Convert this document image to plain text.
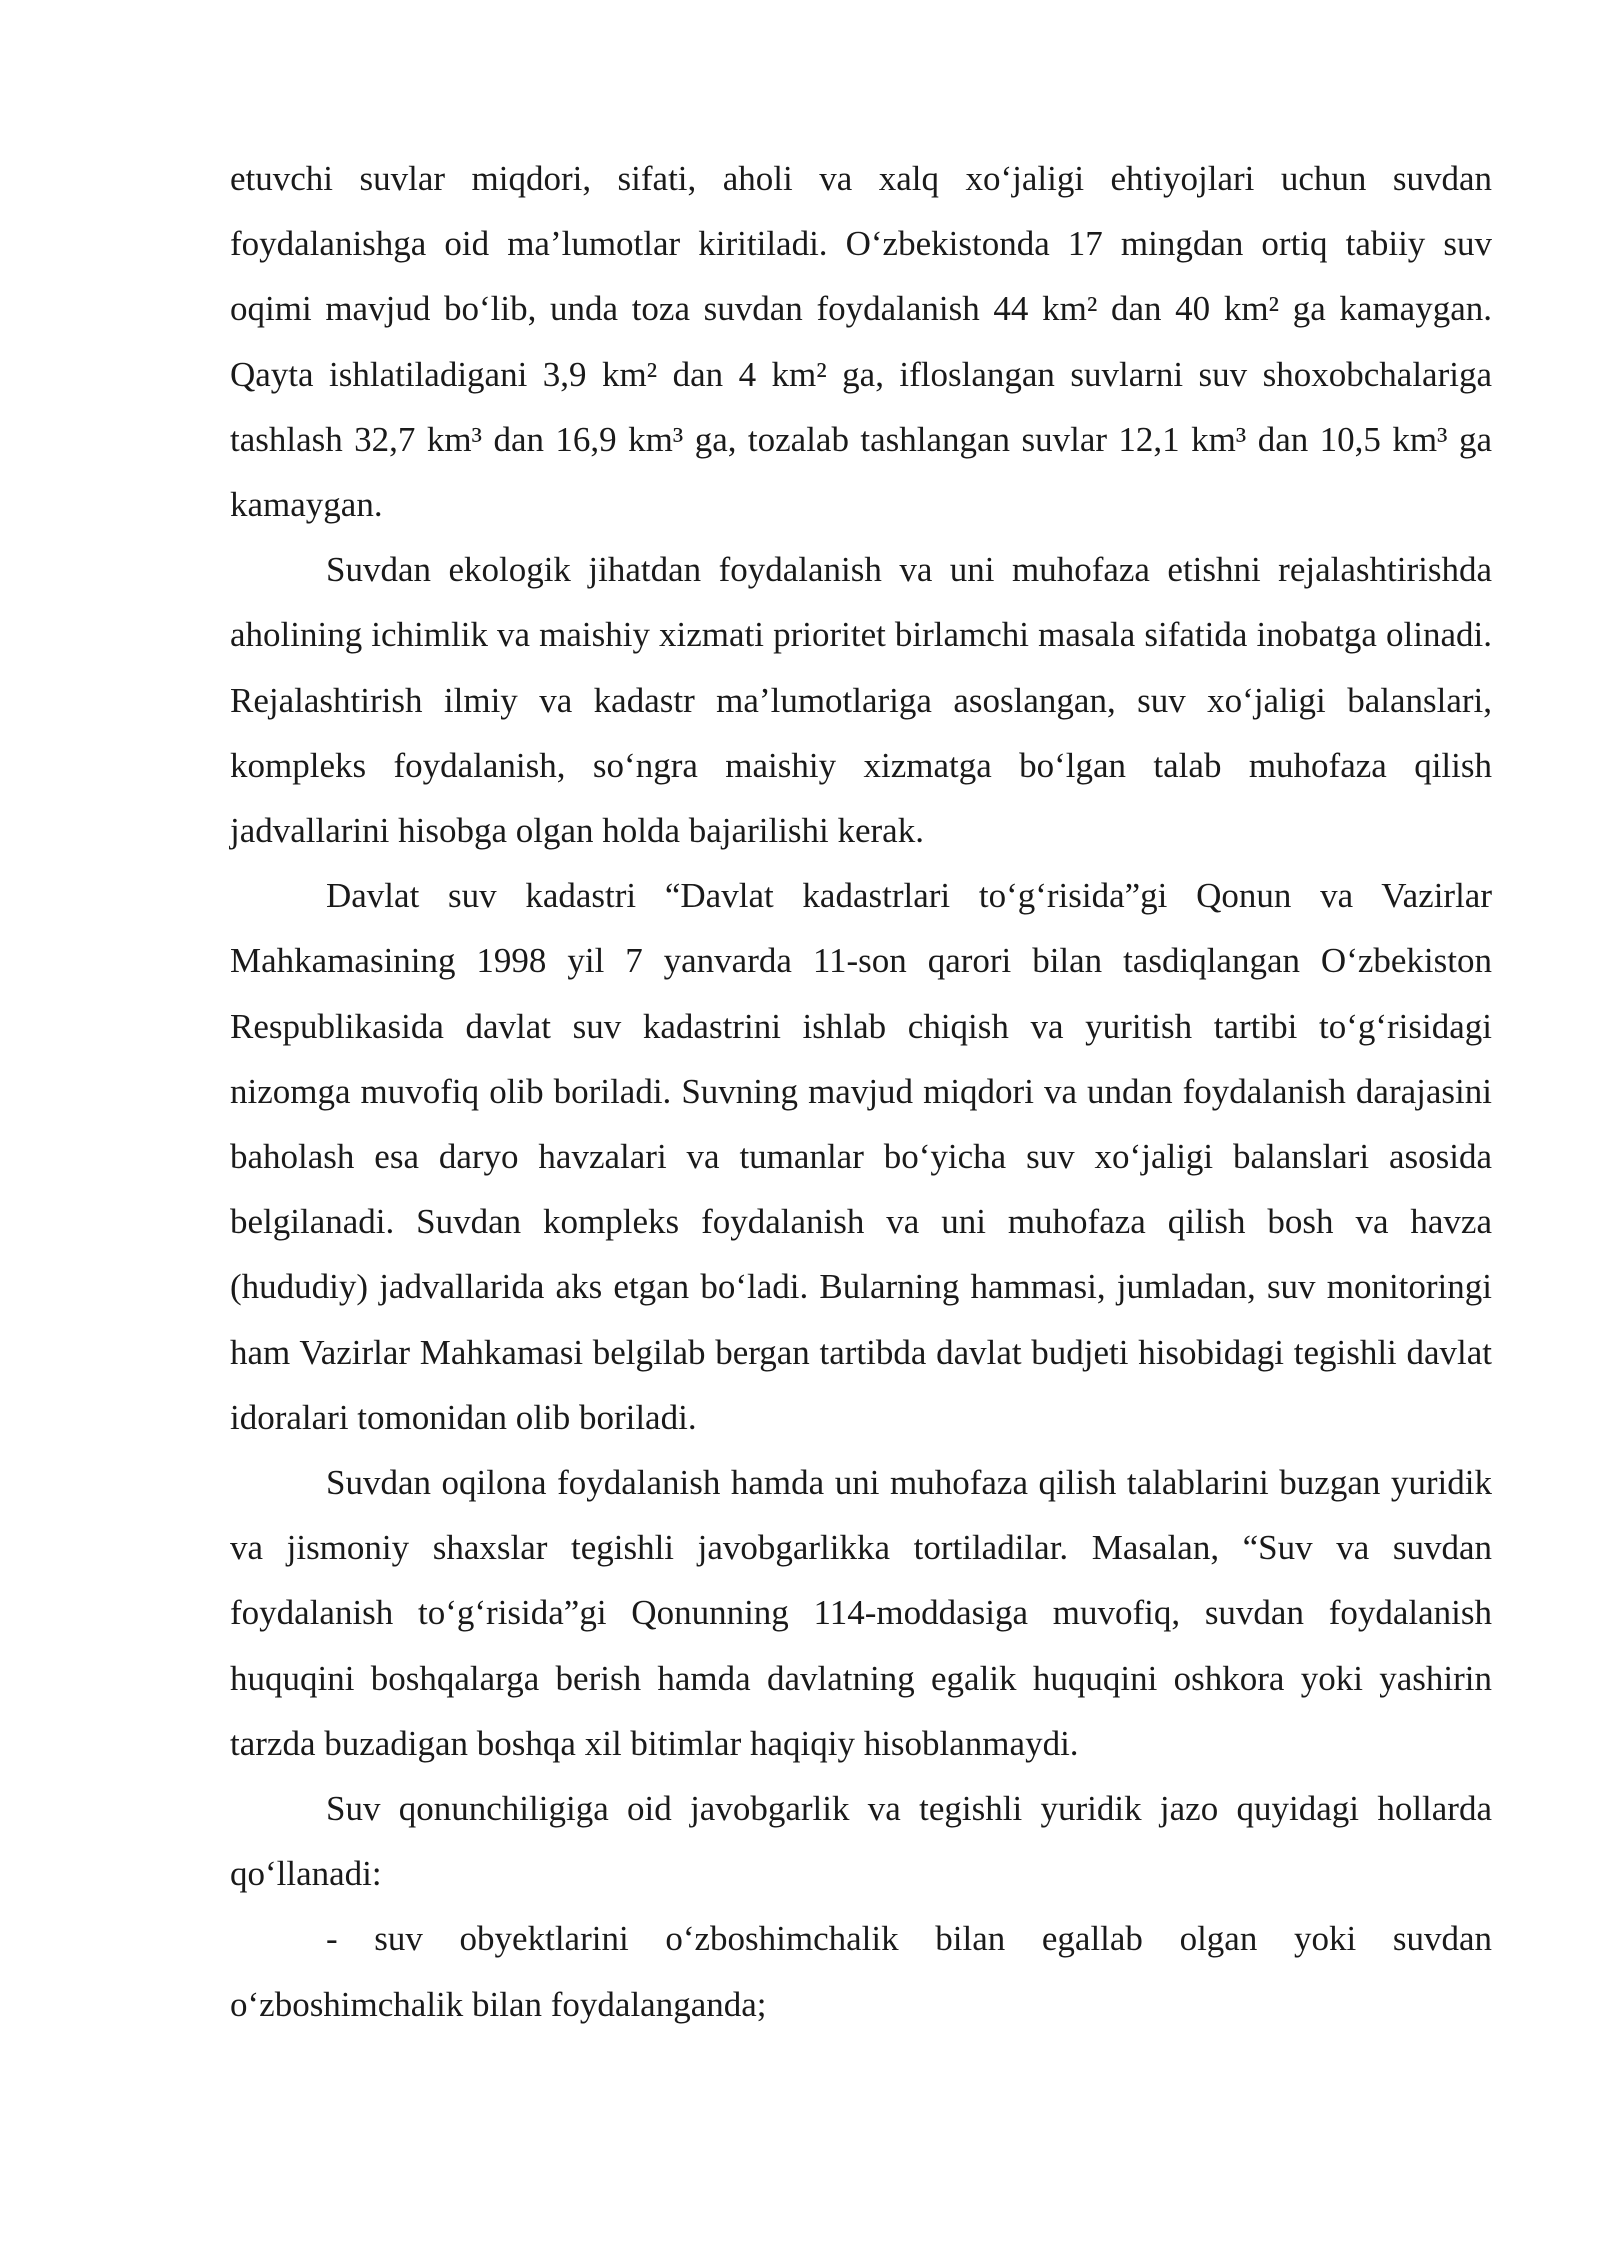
etuvchi suvlar miqdori, sifati, aholi va xalq xo‘jaligi ehtiyojlari uchun suvdan foydalanishga oid ma’lumotlar kiritiladi. O‘zbekistonda 17 mingdan ortiq tabiiy suv oqimi mavjud bo‘lib, unda toza suvdan foydalanish 44 km² dan 40 km² ga kamaygan. Qayta ishlatiladigani 3,9 km² dan 4 km² ga, ifloslangan suvlarni suv shoxobchalariga tashlash 32,7 km³ dan 16,9 km³ ga, tozalab tashlangan suvlar 12,1 km³ dan 10,5 km³ ga kamaygan.

Suvdan ekologik jihatdan foydalanish va uni muhofaza etishni rejalashtirishda aholining ichimlik va maishiy xizmati prioritet birlamchi masala sifatida inobatga olinadi. Rejalashtirish ilmiy va kadastr ma’lumotlariga asoslangan, suv xo‘jaligi balanslari, kompleks foydalanish, so‘ngra maishiy xizmatga bo‘lgan talab muhofaza qilish jadvallarini hisobga olgan holda bajarilishi kerak.

Davlat suv kadastri “Davlat kadastrlari to‘g‘risida”gi Qonun va Vazirlar Mahkamasining 1998 yil 7 yanvarda 11-son qarori bilan tasdiqlangan O‘zbekiston Respublikasida davlat suv kadastrini ishlab chiqish va yuritish tartibi to‘g‘risidagi nizomga muvofiq olib boriladi. Suvning mavjud miqdori va undan foydalanish darajasini baholash esa daryo havzalari va tumanlar bo‘yicha suv xo‘jaligi balanslari asosida belgilanadi. Suvdan kompleks foydalanish va uni muhofaza qilish bosh va havza (hududiy) jadvallarida aks etgan bo‘ladi. Bularning hammasi, jumladan, suv monitoringi ham Vazirlar Mahkamasi belgilab bergan tartibda davlat budjeti hisobidagi tegishli davlat idoralari tomonidan olib boriladi.

Suvdan oqilona foydalanish hamda uni muhofaza qilish talablarini buzgan yuridik va jismoniy shaxslar tegishli javobgarlikka tortiladilar. Masalan, “Suv va suvdan foydalanish to‘g‘risida”gi Qonunning 114-moddasiga muvofiq, suvdan foydalanish huquqini boshqalarga berish hamda davlatning egalik huquqini oshkora yoki yashirin tarzda buzadigan boshqa xil bitimlar haqiqiy hisoblanmaydi.

Suv qonunchiligiga oid javobgarlik va tegishli yuridik jazo quyidagi hollarda qo‘llanadi:

- suv obyektlarini o‘zboshimchalik bilan egallab olgan yoki suvdan o‘zboshimchalik bilan foydalanganda;
